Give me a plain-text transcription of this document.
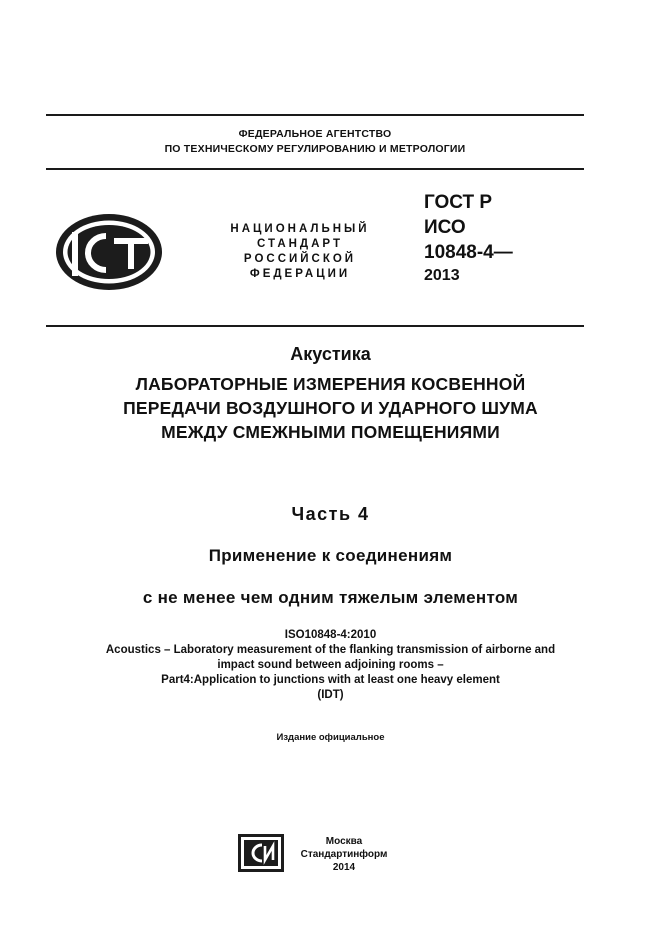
ФЕДЕРАЛЬНОЕ АГЕНТСТВО
ПО ТЕХНИЧЕСКОМУ РЕГУЛИРОВАНИЮ И МЕТРОЛОГИИ
НАЦИОНАЛЬНЫЙ
СТАНДАРТ
РОССИЙСКОЙ
ФЕДЕРАЦИИ
ГОСТ Р
ИСО
10848-4—
2013
Акустика
ЛАБОРАТОРНЫЕ ИЗМЕРЕНИЯ КОСВЕННОЙ
ПЕРЕДАЧИ ВОЗДУШНОГО И УДАРНОГО ШУМА
МЕЖДУ СМЕЖНЫМИ ПОМЕЩЕНИЯМИ
Часть 4
Применение к соединениям
с не менее чем одним тяжелым элементом
ISO10848-4:2010
Acoustics – Laboratory measurement of the flanking transmission of airborne and
impact sound between adjoining rooms –
Part4:Application to junctions with at least one heavy element
(IDT)
Издание официальное
Москва
Стандартинформ
2014
